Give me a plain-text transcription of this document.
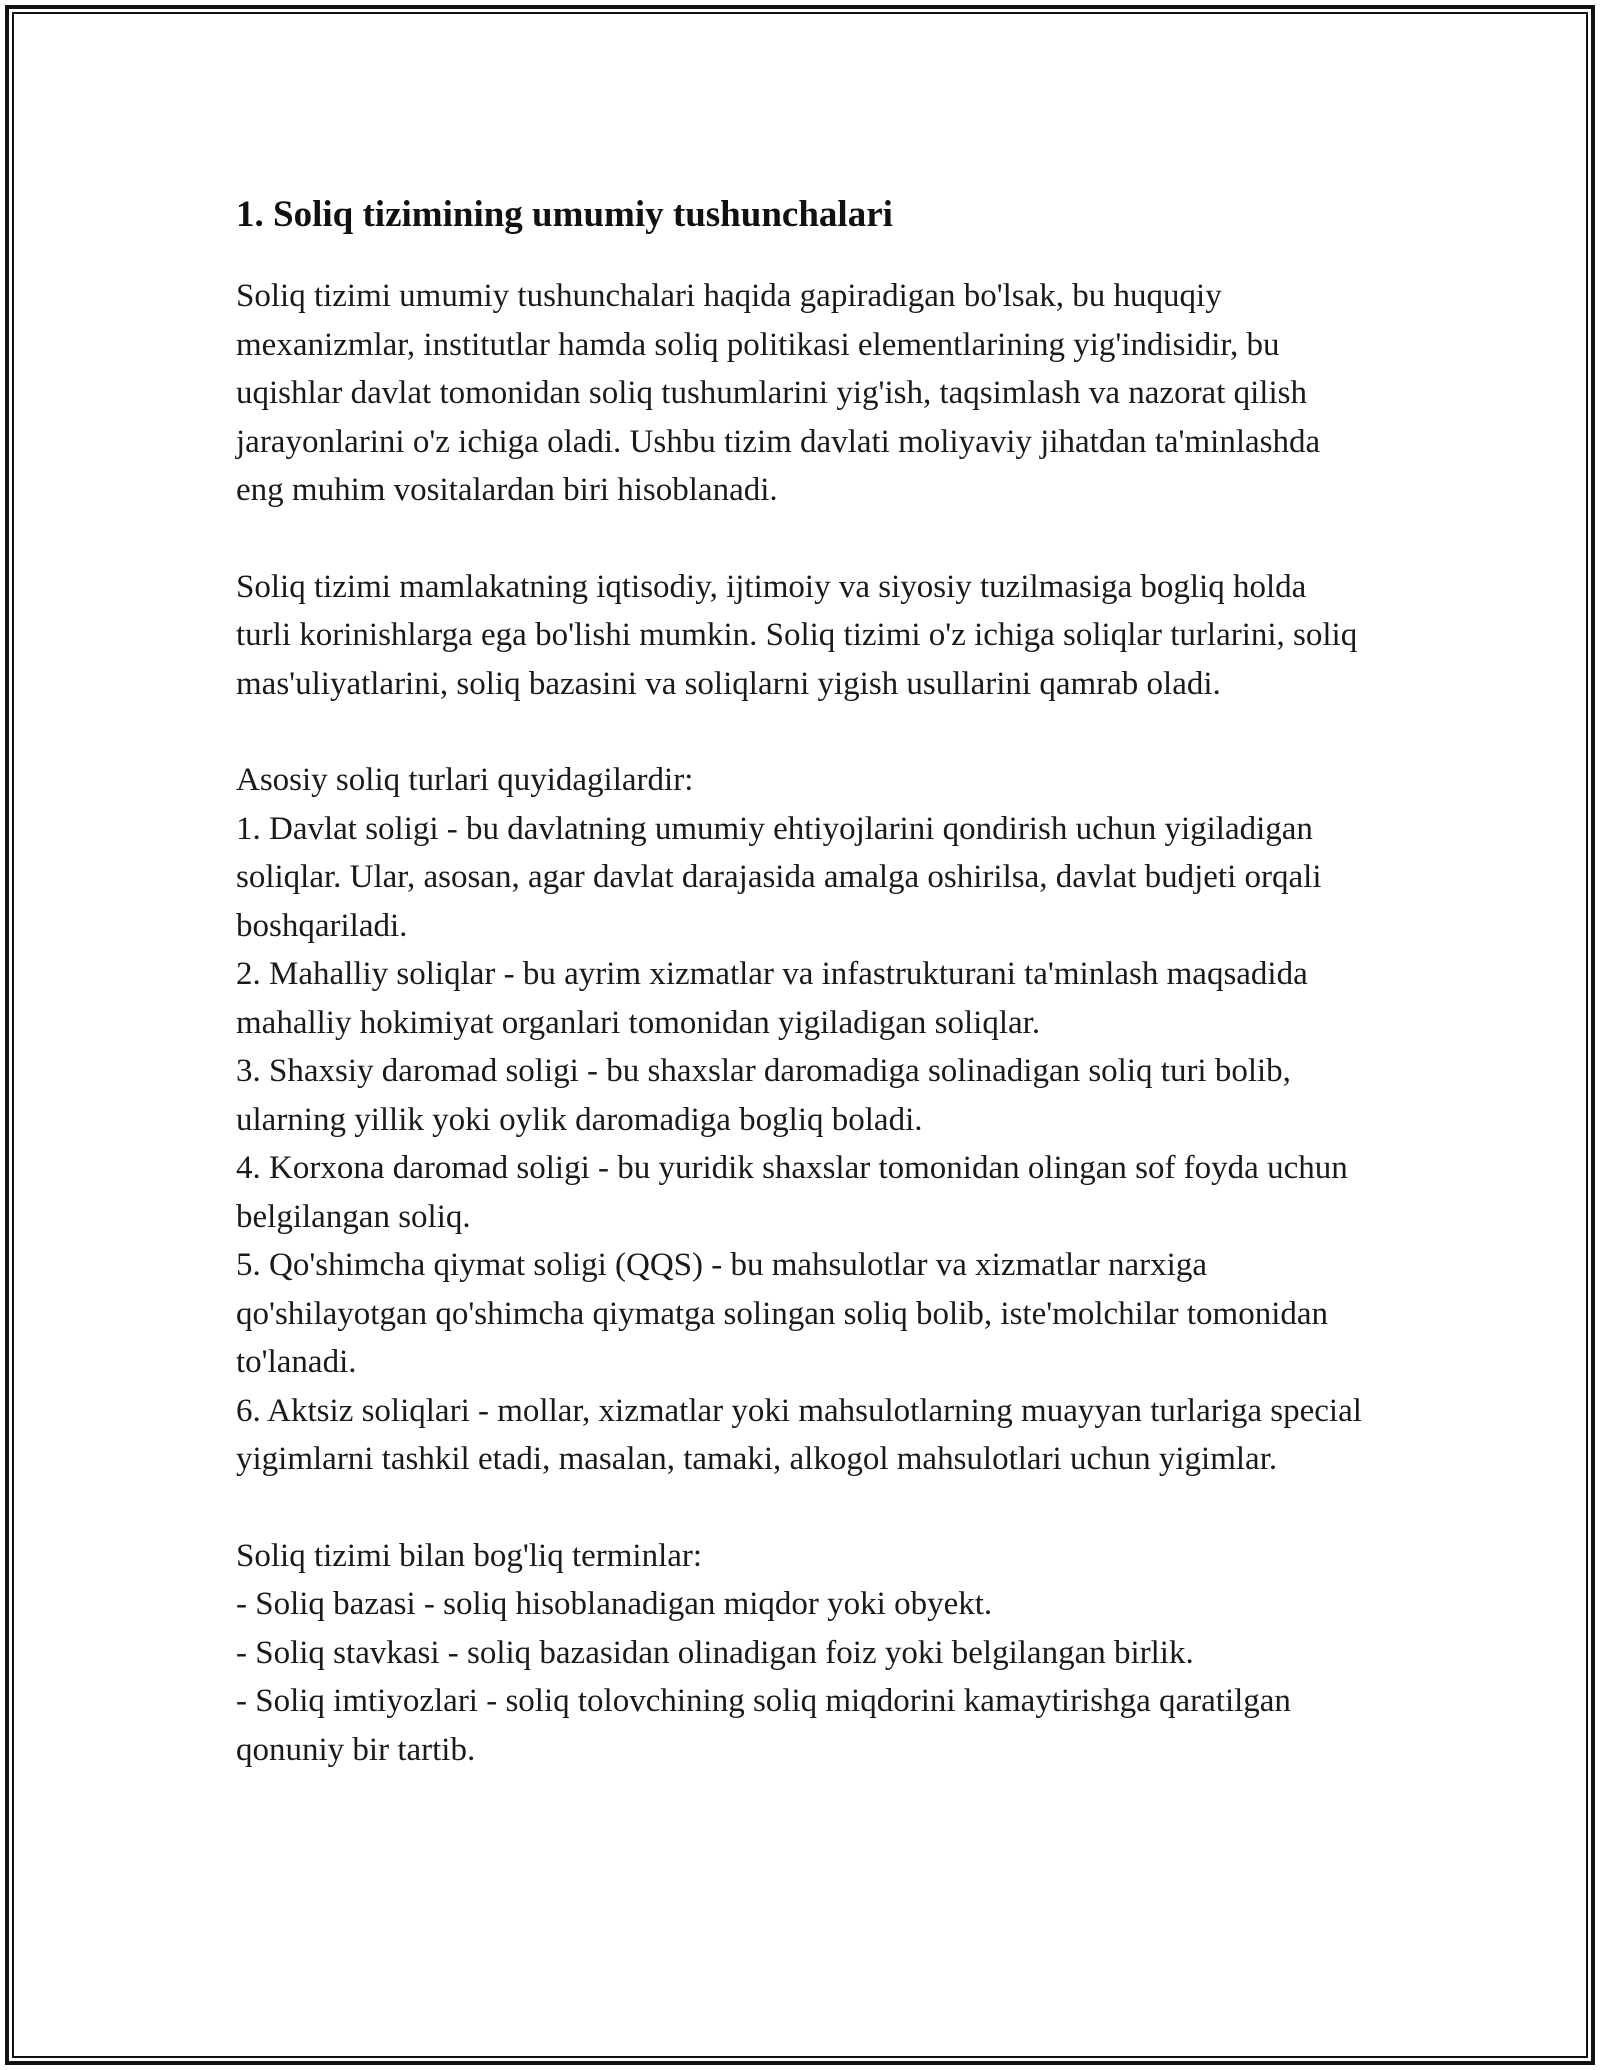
1. Soliq tizimining umumiy tushunchalari

Soliq tizimi umumiy tushunchalari haqida gapiradigan bo'lsak, bu huquqiy mexanizmlar, institutlar hamda soliq politikasi elementlarining yig'indisidir, bu uqishlar davlat tomonidan soliq tushumlarini yig'ish, taqsimlash va nazorat qilish jarayonlarini o'z ichiga oladi. Ushbu tizim davlati moliyaviy jihatdan ta'minlashda eng muhim vositalardan biri hisoblanadi.

Soliq tizimi mamlakatning iqtisodiy, ijtimoiy va siyosiy tuzilmasiga bogliq holda turli korinishlarga ega bo'lishi mumkin. Soliq tizimi o'z ichiga soliqlar turlarini, soliq mas'uliyatlarini, soliq bazasini va soliqlarni yigish usullarini qamrab oladi.

Asosiy soliq turlari quyidagilardir:
1. Davlat soligi - bu davlatning umumiy ehtiyojlarini qondirish uchun yigiladigan soliqlar. Ular, asosan, agar davlat darajasida amalga oshirilsa, davlat budjeti orqali boshqariladi.
2. Mahalliy soliqlar - bu ayrim xizmatlar va infastrukturani ta'minlash maqsadida mahalliy hokimiyat organlari tomonidan yigiladigan soliqlar.
3. Shaxsiy daromad soligi - bu shaxslar daromadiga solinadigan soliq turi bolib, ularning yillik yoki oylik daromadiga bogliq boladi.
4. Korxona daromad soligi - bu yuridik shaxslar tomonidan olingan sof foyda uchun belgilangan soliq.
5. Qo'shimcha qiymat soligi (QQS) - bu mahsulotlar va xizmatlar narxiga qo'shilayotgan qo'shimcha qiymatga solingan soliq bolib, iste'molchilar tomonidan to'lanadi.
6. Aktsiz soliqlari - mollar, xizmatlar yoki mahsulotlarning muayyan turlariga special yigimlarni tashkil etadi, masalan, tamaki, alkogol mahsulotlari uchun yigimlar.
Soliq tizimi bilan bog'liq terminlar:
- Soliq bazasi - soliq hisoblanadigan miqdor yoki obyekt.
- Soliq stavkasi - soliq bazasidan olinadigan foiz yoki belgilangan birlik.
- Soliq imtiyozlari - soliq tolovchining soliq miqdorini kamaytirishga qaratilgan qonuniy bir tartib.
